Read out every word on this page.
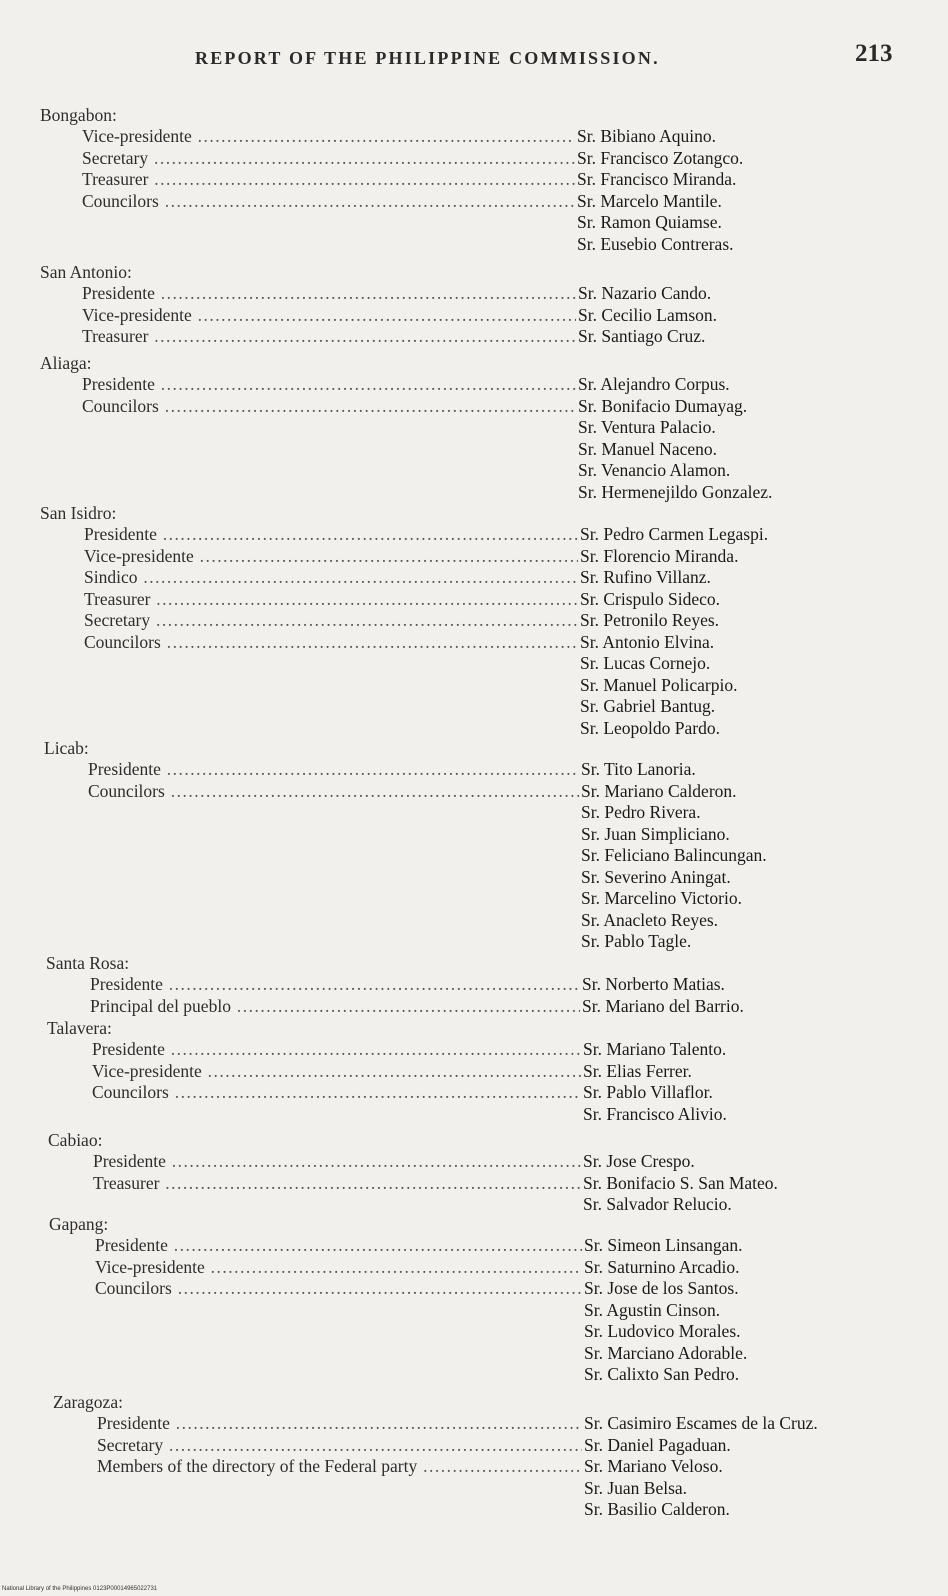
REPORT OF THE PHILIPPINE COMMISSION.	213
Bongabon:
Vice-presidente .....	Sr. Bibiano Aquino.
Secretary .....	Sr. Francisco Zotangco.
Treasurer .....	Sr. Francisco Miranda.
Councilors .....	Sr. Marcelo Mantile.
Sr. Ramon Quiamse.
Sr. Eusebio Contreras.
San Antonio:
Presidente .....	Sr. Nazario Cando.
Vice-presidente .....	Sr. Cecilio Lamson.
Treasurer .....	Sr. Santiago Cruz.
Aliaga:
Presidente .....	Sr. Alejandro Corpus.
Councilors .....	Sr. Bonifacio Dumayag.
Sr. Ventura Palacio.
Sr. Manuel Naceno.
Sr. Venancio Alamon.
Sr. Hermenejildo Gonzalez.
San Isidro:
Presidente .....	Sr. Pedro Carmen Legaspi.
Vice-presidente .....	Sr. Florencio Miranda.
Sindico .....	Sr. Rufino Villanz.
Treasurer .....	Sr. Crispulo Sideco.
Secretary .....	Sr. Petronilo Reyes.
Councilors .....	Sr. Antonio Elvina.
Sr. Lucas Cornejo.
Sr. Manuel Policarpio.
Sr. Gabriel Bantug.
Sr. Leopoldo Pardo.
Licab:
Presidente .....	Sr. Tito Lanoria.
Councilors .....	Sr. Mariano Calderon.
Sr. Pedro Rivera.
Sr. Juan Simpliciano.
Sr. Feliciano Balincungan.
Sr. Severino Aningat.
Sr. Marcelino Victorio.
Sr. Anacleto Reyes.
Sr. Pablo Tagle.
Santa Rosa:
Presidente .....	Sr. Norberto Matias.
Principal del pueblo .....	Sr. Mariano del Barrio.
Talavera:
Presidente .....	Sr. Mariano Talento.
Vice-presidente .....	Sr. Elias Ferrer.
Councilors .....	Sr. Pablo Villaflor.
Sr. Francisco Alivio.
Cabiao:
Presidente .....	Sr. Jose Crespo.
Treasurer .....	Sr. Bonifacio S. San Mateo.
Sr. Salvador Relucio.
Gapang:
Presidente .....	Sr. Simeon Linsangan.
Vice-presidente .....	Sr. Saturnino Arcadio.
Councilors .....	Sr. Jose de los Santos.
Sr. Agustin Cinson.
Sr. Ludovico Morales.
Sr. Marciano Adorable.
Sr. Calixto San Pedro.
Zaragoza:
Presidente .....	Sr. Casimiro Escames de la Cruz.
Secretary .....	Sr. Daniel Pagaduan.
Members of the directory of the Federal party .....	Sr. Mariano Veloso.
Sr. Juan Belsa.
Sr. Basilio Calderon.
National Library of the Philippines 0123P00014965022731
